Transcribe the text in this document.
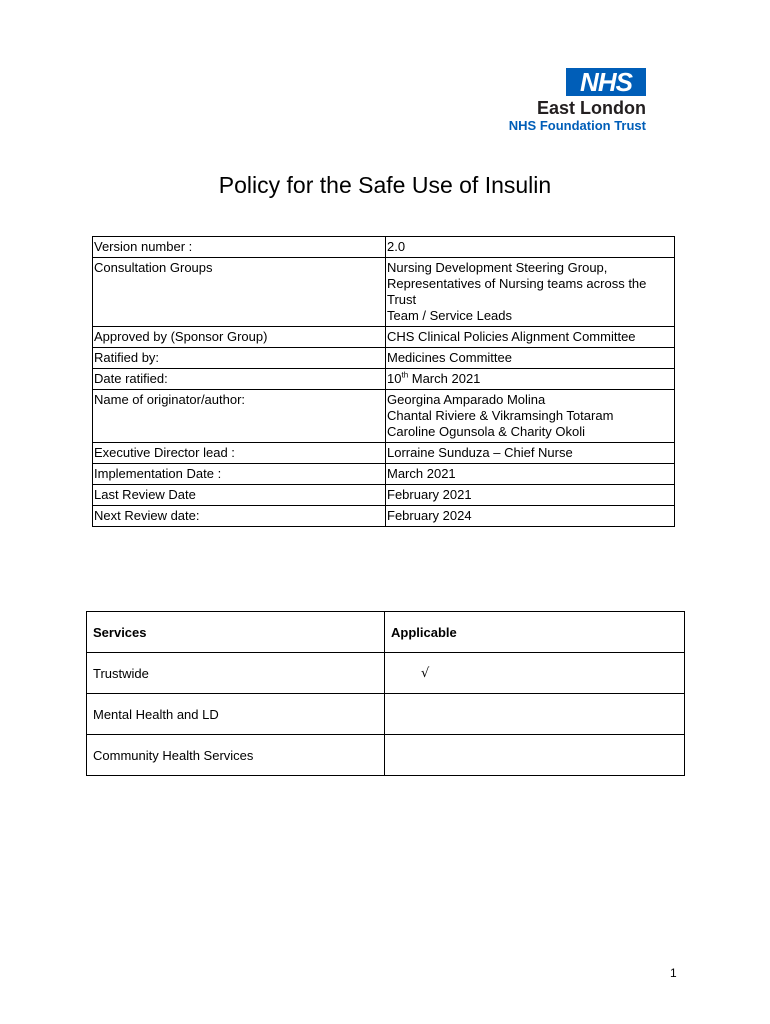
NHS
East London
NHS Foundation Trust
Policy for the Safe Use of Insulin
Version number :	2.0

Consultation Groups	Nursing Development Steering Group,
Representatives of Nursing teams across the Trust
Team / Service Leads

Approved by (Sponsor Group)	CHS Clinical Policies Alignment Committee

Ratified by:	Medicines Committee

Date ratified:	10th March 2021
Name of originator/author:	Georgina Amparado Molina
Chantal Riviere & Vikramsingh Totaram
Caroline Ogunsola & Charity Okoli

Executive Director lead :	Lorraine Sunduza – Chief Nurse

Implementation Date :	March 2021

Last Review Date	February 2021

Next Review date:	February 2024
Services	Applicable
Trustwide	√
Mental Health and LD	
Community Health Services	
1
